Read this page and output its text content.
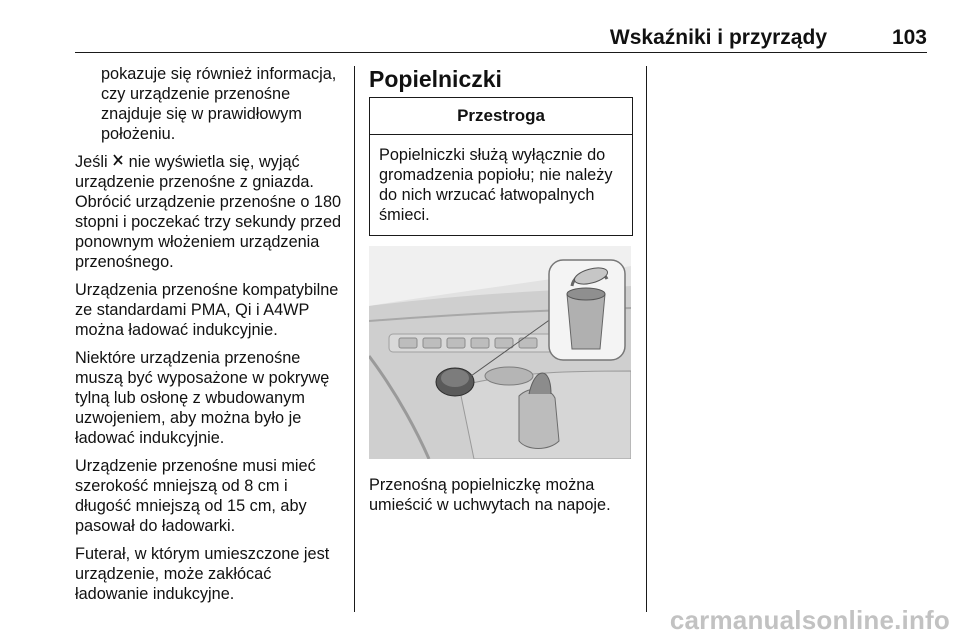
Wskaźniki i przyrządy	103

pokazuje się również informacja, czy urządzenie przenośne znajduje się w prawidłowym położeniu.

Jeśli nie wyświetla się, wyjąć urządzenie przenośne z gniazda. Obrócić urządzenie przenośne o 180 stopni i poczekać trzy sekundy przed ponownym włożeniem urządzenia przenośnego.

Urządzenia przenośne kompatybilne ze standardami PMA, Qi i A4WP można ładować indukcyjnie.

Niektóre urządzenia przenośne muszą być wyposażone w pokrywę tylną lub osłonę z wbudowanym uzwojeniem, aby można było je ładować indukcyjnie.

Urządzenie przenośne musi mieć szerokość mniejszą od 8 cm i długość mniejszą od 15 cm, aby pasował do ładowarki.

Futerał, w którym umieszczone jest urządzenie, może zakłócać ładowanie indukcyjne.

Popielniczki
Przestroga
Popielniczki służą wyłącznie do gromadzenia popiołu; nie należy do nich wrzucać łatwopalnych śmieci.

Przenośną popielniczkę można umieścić w uchwytach na napoje.

carmanualsonline.info
